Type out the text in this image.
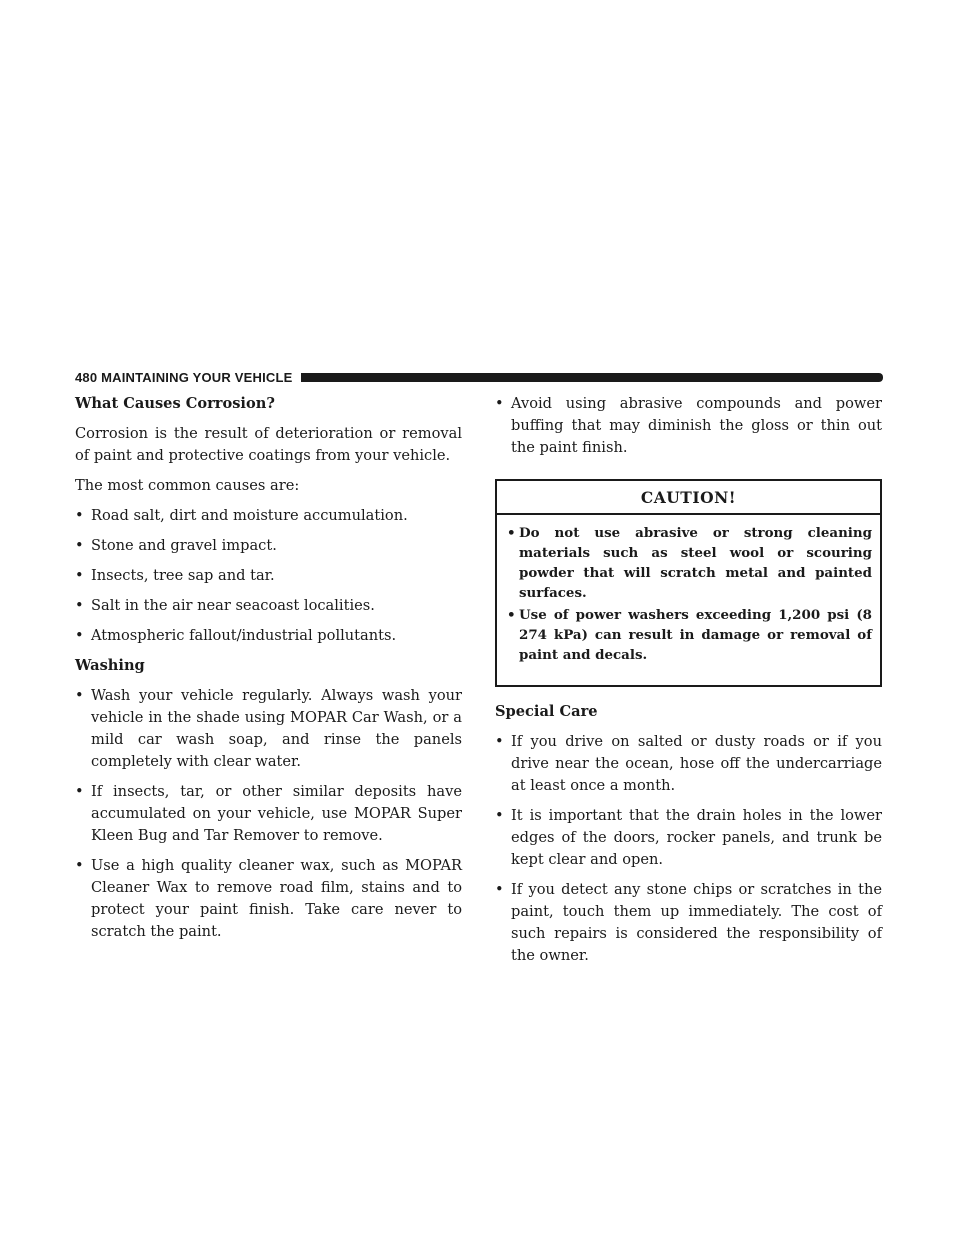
480 MAINTAINING YOUR VEHICLE
What Causes Corrosion?
Corrosion is the result of deterioration or removal of paint and protective coatings from your vehicle.
The most common causes are:
• Road salt, dirt and moisture accumulation.
• Stone and gravel impact.
• Insects, tree sap and tar.
• Salt in the air near seacoast localities.
• Atmospheric fallout/industrial pollutants.
Washing
• Wash your vehicle regularly. Always wash your vehicle in the shade using MOPAR Car Wash, or a mild car wash soap, and rinse the panels completely with clear water.
• If insects, tar, or other similar deposits have accumulated on your vehicle, use MOPAR Super Kleen Bug and Tar Remover to remove.
• Use a high quality cleaner wax, such as MOPAR Cleaner Wax to remove road film, stains and to protect your paint finish. Take care never to scratch the paint.
• Avoid using abrasive compounds and power buffing that may diminish the gloss or thin out the paint finish.
CAUTION!
• Do not use abrasive or strong cleaning materials such as steel wool or scouring powder that will scratch metal and painted surfaces.
• Use of power washers exceeding 1,200 psi (8 274 kPa) can result in damage or removal of paint and decals.
Special Care
• If you drive on salted or dusty roads or if you drive near the ocean, hose off the undercarriage at least once a month.
• It is important that the drain holes in the lower edges of the doors, rocker panels, and trunk be kept clear and open.
• If you detect any stone chips or scratches in the paint, touch them up immediately. The cost of such repairs is considered the responsibility of the owner.
